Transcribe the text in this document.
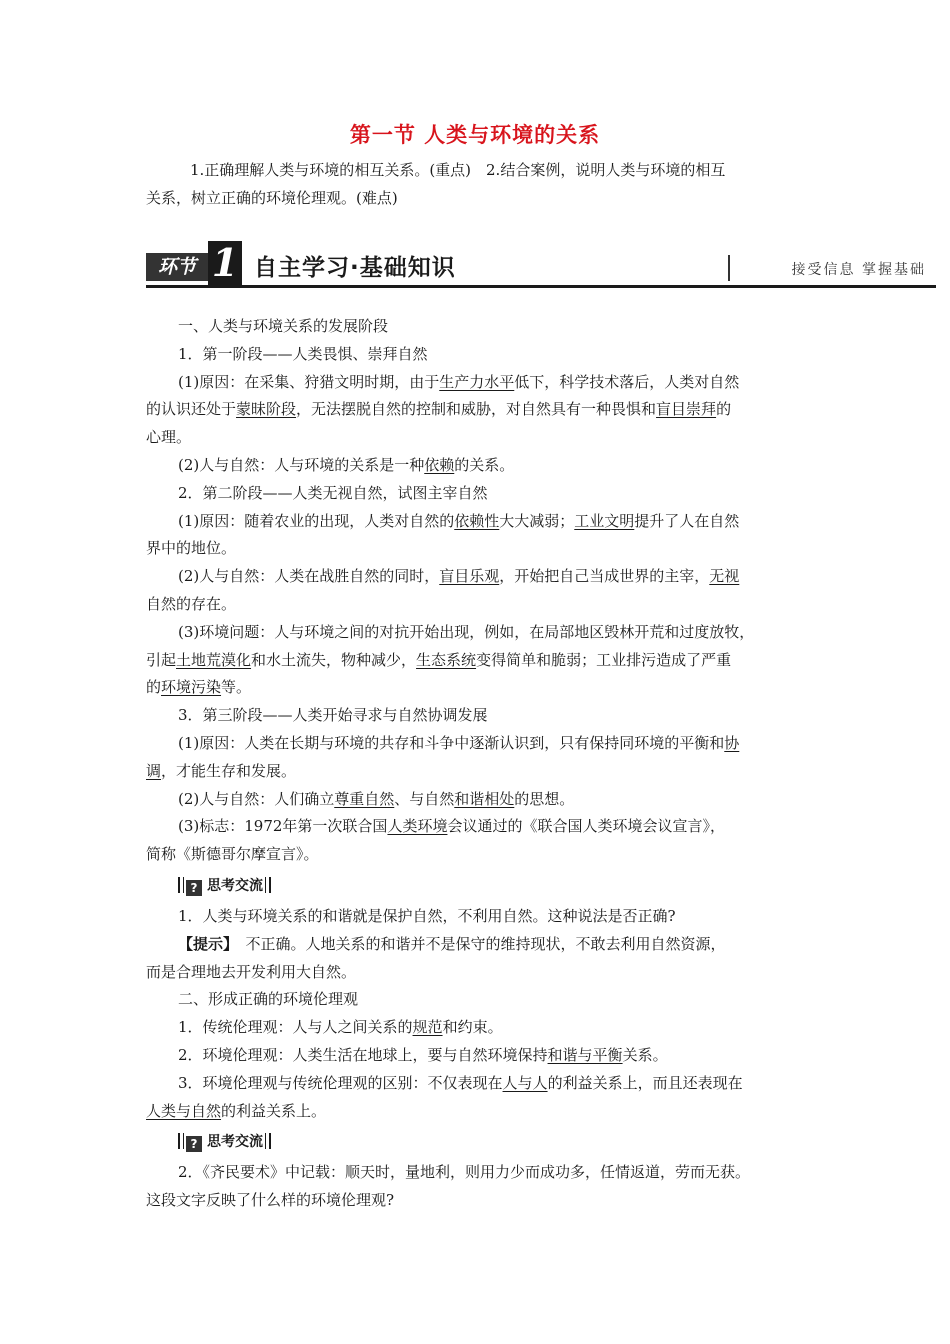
第一节 人类与环境的关系
1.正确理解人类与环境的相互关系。(重点)　2.结合案例，说明人类与环境的相互
关系，树立正确的环境伦理观。(难点)
环节 1 自主学习·基础知识	接受信息 掌握基础

一、人类与环境关系的发展阶段

1．第一阶段——人类畏惧、崇拜自然

(1)原因：在采集、狩猎文明时期，由于生产力水平低下，科学技术落后，人类对自然

的认识还处于蒙昧阶段，无法摆脱自然的控制和威胁，对自然具有一种畏惧和盲目崇拜的

心理。

(2)人与自然：人与环境的关系是一种依赖的关系。

2．第二阶段——人类无视自然，试图主宰自然

(1)原因：随着农业的出现，人类对自然的依赖性大大减弱；工业文明提升了人在自然

界中的地位。

(2)人与自然：人类在战胜自然的同时，盲目乐观，开始把自己当成世界的主宰，无视

自然的存在。

(3)环境问题：人与环境之间的对抗开始出现，例如，在局部地区毁林开荒和过度放牧，

引起土地荒漠化和水土流失，物种减少，生态系统变得简单和脆弱；工业排污造成了严重

的环境污染等。

3．第三阶段——人类开始寻求与自然协调发展

(1)原因：人类在长期与环境的共存和斗争中逐渐认识到，只有保持同环境的平衡和协

调，才能生存和发展。

(2)人与自然：人们确立尊重自然、与自然和谐相处的思想。

(3)标志：1972年第一次联合国人类环境会议通过的《联合国人类环境会议宣言》，

简称《斯德哥尔摩宣言》。

? 思考交流

1．人类与环境关系的和谐就是保护自然，不利用自然。这种说法是否正确?

【提示】　不正确。人地关系的和谐并不是保守的维持现状，不敢去利用自然资源，

而是合理地去开发利用大自然。

二、形成正确的环境伦理观

1．传统伦理观：人与人之间关系的规范和约束。

2．环境伦理观：人类生活在地球上，要与自然环境保持和谐与平衡关系。

3．环境伦理观与传统伦理观的区别：不仅表现在人与人的利益关系上，而且还表现在

人类与自然的利益关系上。

? 思考交流

2．《齐民要术》中记载：顺天时，量地利，则用力少而成功多，任情返道，劳而无获。

这段文字反映了什么样的环境伦理观?
